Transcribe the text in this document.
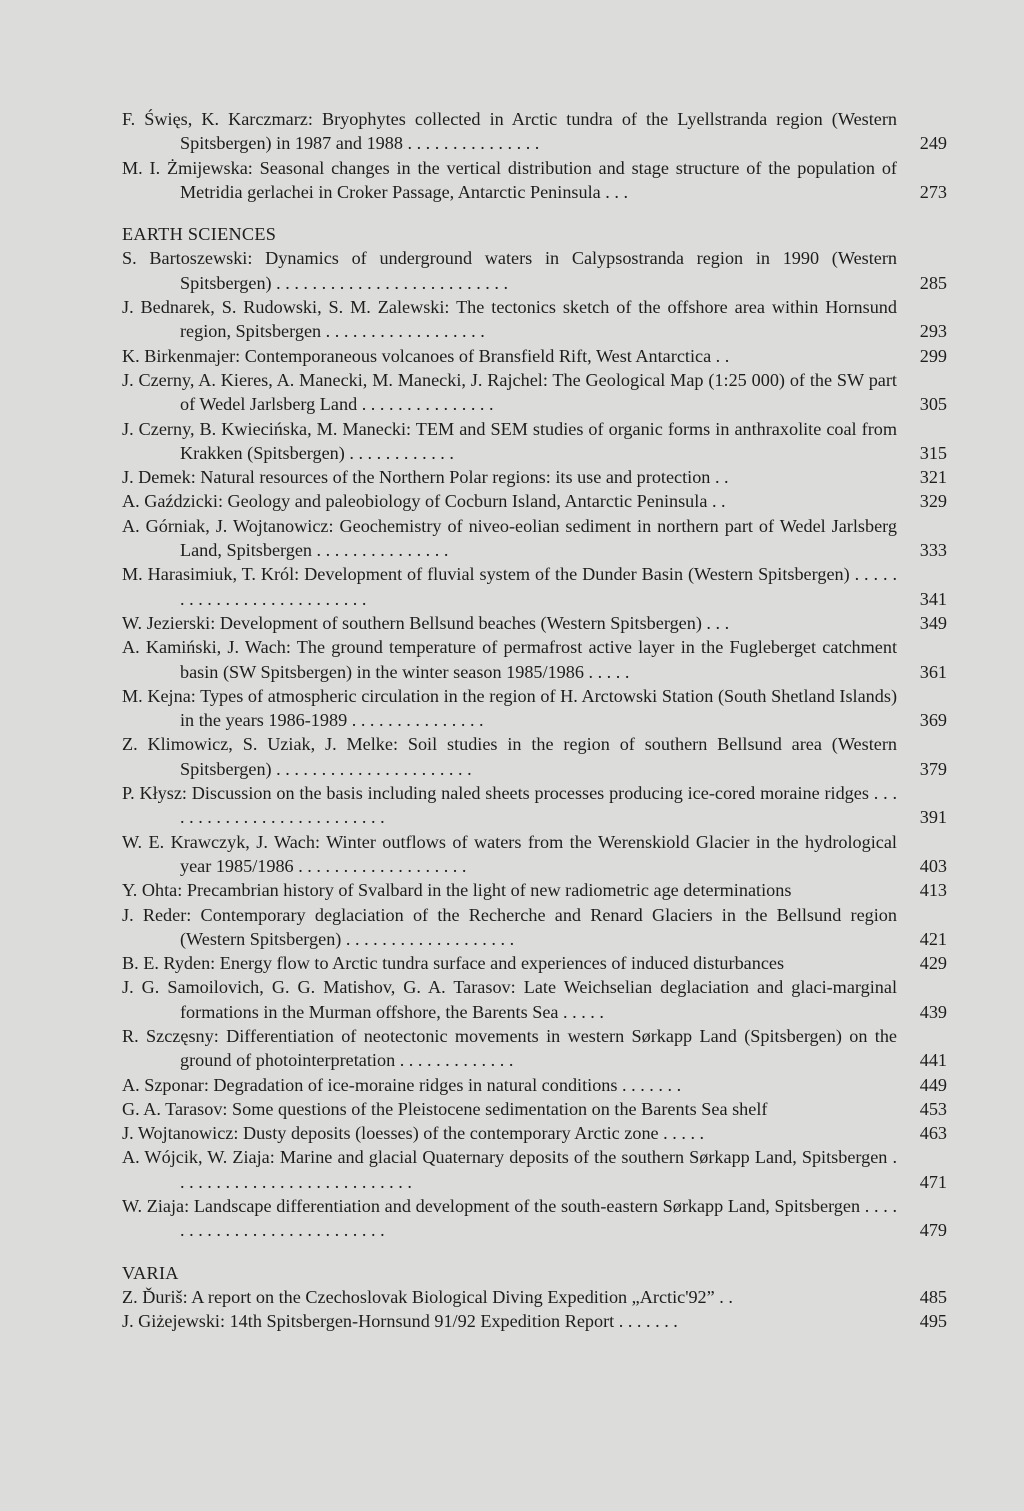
F. Święs, K. Karczmarz: Bryophytes collected in Arctic tundra of the Lyellstranda region (Western Spitsbergen) in 1987 and 1988 . . . . . . . . . . . . . . .	249
M. I. Żmijewska: Seasonal changes in the vertical distribution and stage structure of the population of Metridia gerlachei in Croker Passage, Antarctic Peninsula . . .	273
EARTH SCIENCES
S. Bartoszewski: Dynamics of underground waters in Calypsostranda region in 1990 (Western Spitsbergen) . . . . . . . . . . . . . . . . . . . . . . . . . .	285
J. Bednarek, S. Rudowski, S. M. Zalewski: The tectonics sketch of the offshore area within Hornsund region, Spitsbergen . . . . . . . . . . . . . . . . . .	293
K. Birkenmajer: Contemporaneous volcanoes of Bransfield Rift, West Antarctica . .	299
J. Czerny, A. Kieres, A. Manecki, M. Manecki, J. Rajchel: The Geological Map (1:25 000) of the SW part of Wedel Jarlsberg Land . . . . . . . . . . . . . . .	305
J. Czerny, B. Kwiecińska, M. Manecki: TEM and SEM studies of organic forms in anthraxolite coal from Krakken (Spitsbergen) . . . . . . . . . . . .	315
J. Demek: Natural resources of the Northern Polar regions: its use and protection . .	321
A. Gaździcki: Geology and paleobiology of Cocburn Island, Antarctic Peninsula . .	329
A. Górniak, J. Wojtanowicz: Geochemistry of niveo-eolian sediment in northern part of Wedel Jarlsberg Land, Spitsbergen . . . . . . . . . . . . . . .	333
M. Harasimiuk, T. Król: Development of fluvial system of the Dunder Basin (Western Spitsbergen) . . . . . . . . . . . . . . . . . . . . . . . . . .	341
W. Jezierski: Development of southern Bellsund beaches (Western Spitsbergen) . . .	349
A. Kamiński, J. Wach: The ground temperature of permafrost active layer in the Fugleberget catchment basin (SW Spitsbergen) in the winter season 1985/1986 . . . . .	361
M. Kejna: Types of atmospheric circulation in the region of H. Arctowski Station (South Shetland Islands) in the years 1986-1989 . . . . . . . . . . . . . . .	369
Z. Klimowicz, S. Uziak, J. Melke: Soil studies in the region of southern Bellsund area (Western Spitsbergen) . . . . . . . . . . . . . . . . . . . . . .	379
P. Kłysz: Discussion on the basis including naled sheets processes producing ice-cored moraine ridges . . . . . . . . . . . . . . . . . . . . . . . . . .	391
W. E. Krawczyk, J. Wach: Winter outflows of waters from the Werenskiold Glacier in the hydrological year 1985/1986 . . . . . . . . . . . . . . . . . . .	403
Y. Ohta: Precambrian history of Svalbard in the light of new radiometric age determinations	413
J. Reder: Contemporary deglaciation of the Recherche and Renard Glaciers in the Bellsund region (Western Spitsbergen) . . . . . . . . . . . . . . . . . . .	421
B. E. Ryden: Energy flow to Arctic tundra surface and experiences of induced disturbances	429
J. G. Samoilovich, G. G. Matishov, G. A. Tarasov: Late Weichselian deglaciation and glaci-marginal formations in the Murman offshore, the Barents Sea . . . . .	439
R. Szczęsny: Differentiation of neotectonic movements in western Sørkapp Land (Spitsbergen) on the ground of photointerpretation . . . . . . . . . . . . .	441
A. Szponar: Degradation of ice-moraine ridges in natural conditions . . . . . . .	449
G. A. Tarasov: Some questions of the Pleistocene sedimentation on the Barents Sea shelf	453
J. Wojtanowicz: Dusty deposits (loesses) of the contemporary Arctic zone . . . . .	463
A. Wójcik, W. Ziaja: Marine and glacial Quaternary deposits of the southern Sørkapp Land, Spitsbergen . . . . . . . . . . . . . . . . . . . . . . . . . . .	471
W. Ziaja: Landscape differentiation and development of the south-eastern Sørkapp Land, Spitsbergen . . . . . . . . . . . . . . . . . . . . . . . . . . .	479
VARIA
Z. Ďuriš: A report on the Czechoslovak Biological Diving Expedition „Arctic'92” . .	485
J. Giżejewski: 14th Spitsbergen-Hornsund 91/92 Expedition Report . . . . . . .	495
